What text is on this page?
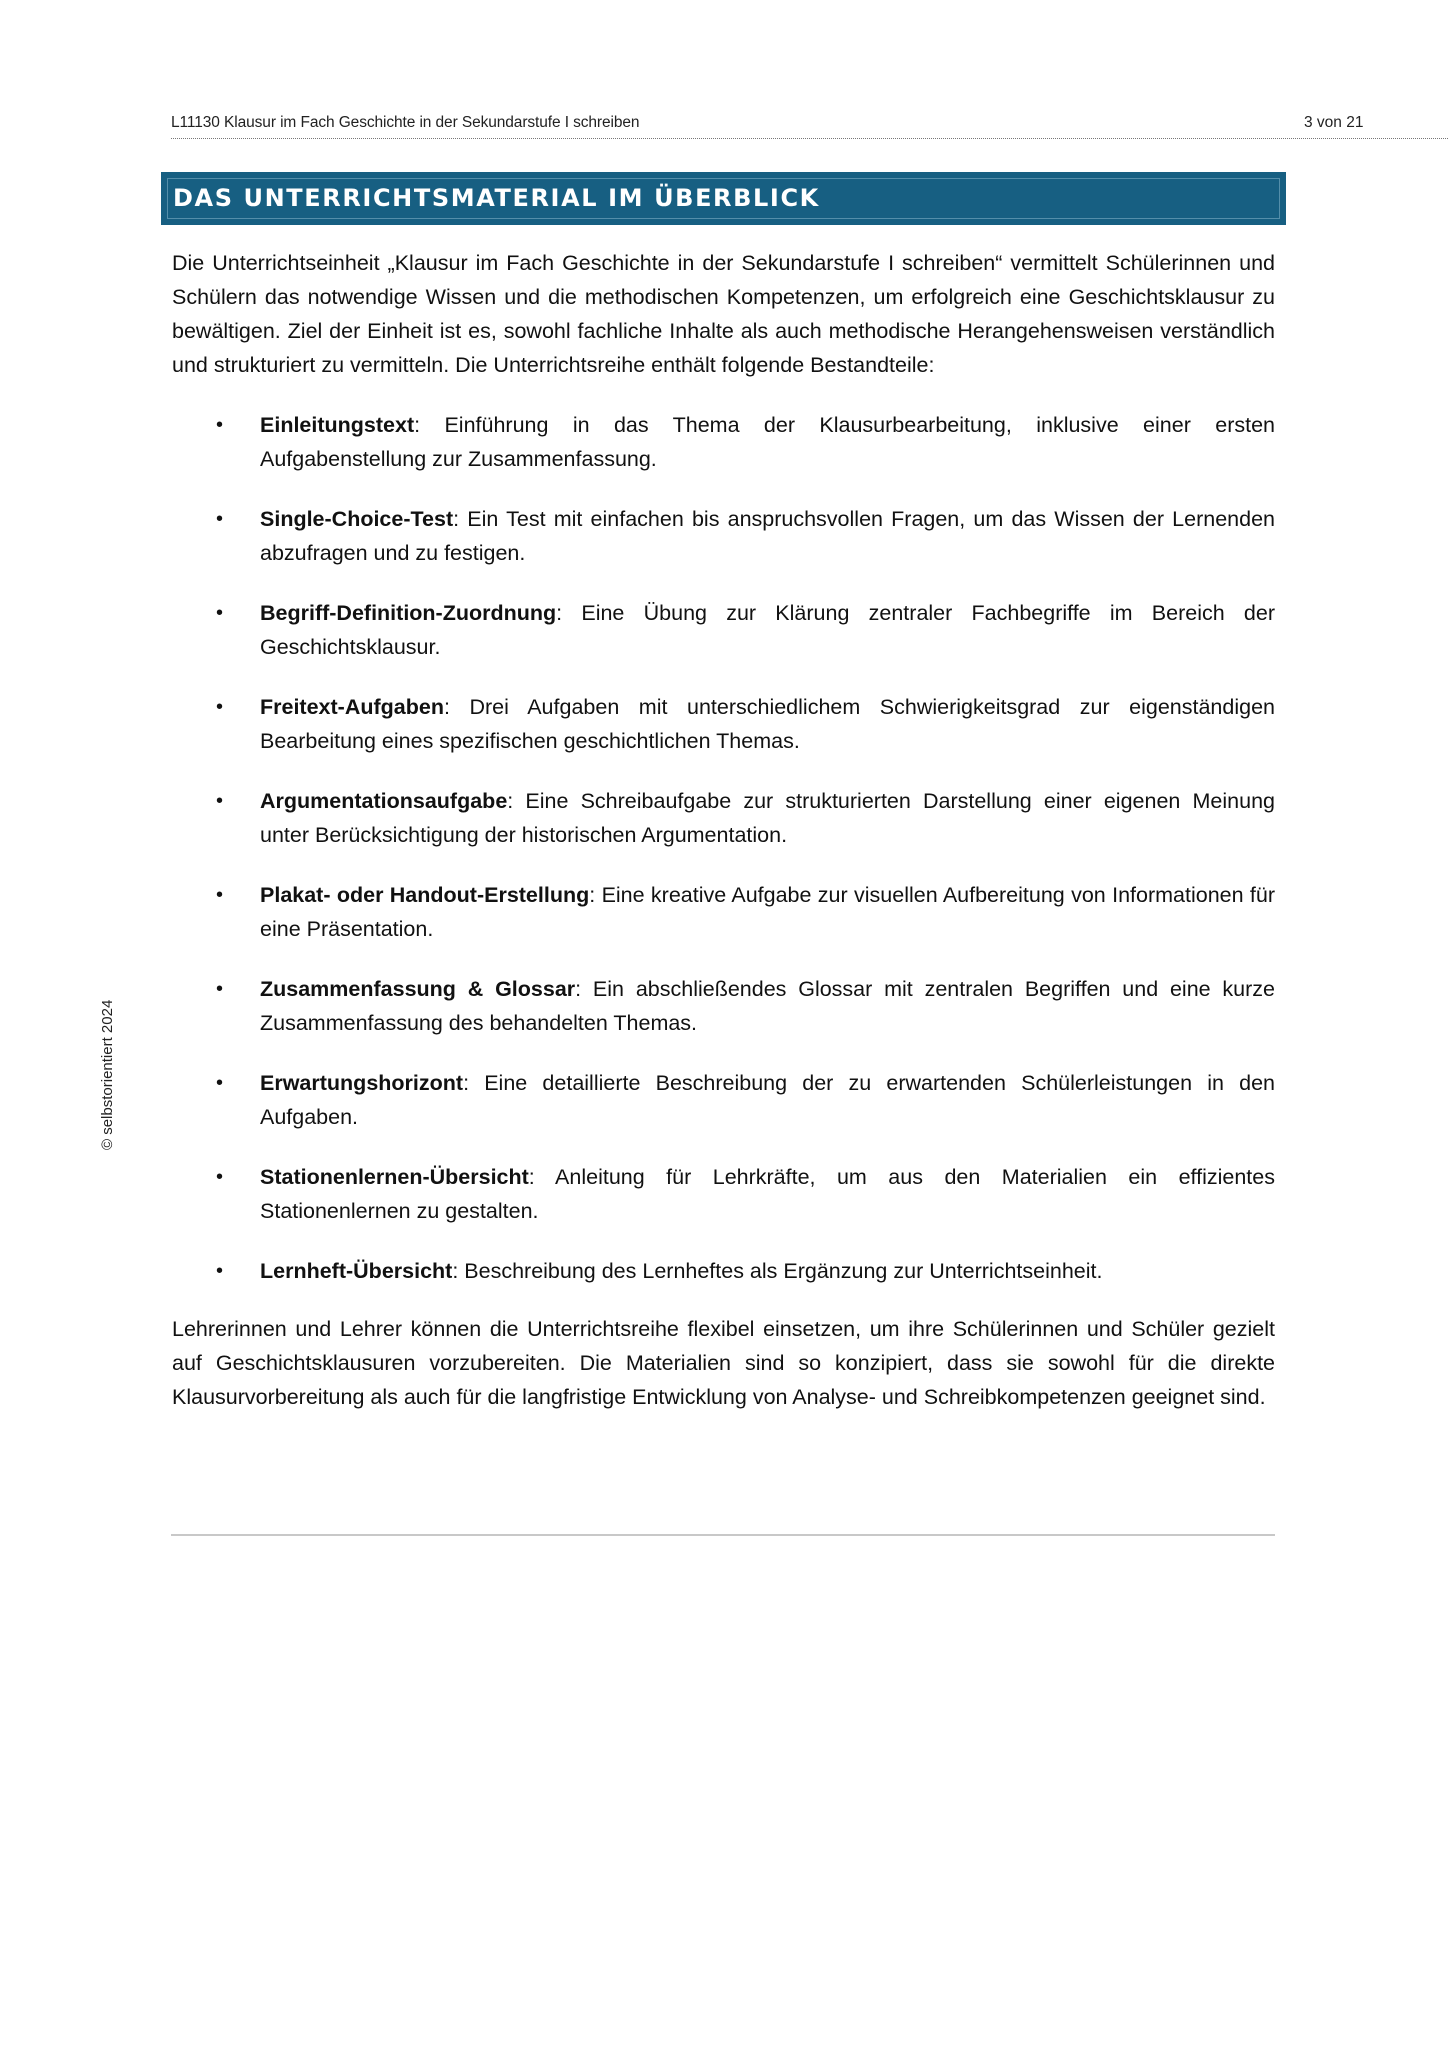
L11130 Klausur im Fach Geschichte in der Sekundarstufe I schreiben	3 von 21
DAS UNTERRICHTSMATERIAL IM ÜBERBLICK

Die Unterrichtseinheit „Klausur im Fach Geschichte in der Sekundarstufe I schreiben“ vermittelt Schülerinnen und Schülern das notwendige Wissen und die methodischen Kompetenzen, um erfolgreich eine Geschichtsklausur zu bewältigen. Ziel der Einheit ist es, sowohl fachliche Inhalte als auch methodische Herangehensweisen verständlich und strukturiert zu vermitteln. Die Unterrichtsreihe enthält folgende Bestandteile:

• Einleitungstext: Einführung in das Thema der Klausurbearbeitung, inklusive einer ersten Aufgabenstellung zur Zusammenfassung.
• Single-Choice-Test: Ein Test mit einfachen bis anspruchsvollen Fragen, um das Wissen der Lernenden abzufragen und zu festigen.
• Begriff-Definition-Zuordnung: Eine Übung zur Klärung zentraler Fachbegriffe im Bereich der Geschichtsklausur.
• Freitext-Aufgaben: Drei Aufgaben mit unterschiedlichem Schwierigkeitsgrad zur eigenständigen Bearbeitung eines spezifischen geschichtlichen Themas.
• Argumentationsaufgabe: Eine Schreibaufgabe zur strukturierten Darstellung einer eigenen Meinung unter Berücksichtigung der historischen Argumentation.
• Plakat- oder Handout-Erstellung: Eine kreative Aufgabe zur visuellen Aufbereitung von Informationen für eine Präsentation.
• Zusammenfassung & Glossar: Ein abschließendes Glossar mit zentralen Begriffen und eine kurze Zusammenfassung des behandelten Themas.
• Erwartungshorizont: Eine detaillierte Beschreibung der zu erwartenden Schülerleistungen in den Aufgaben.
• Stationenlernen-Übersicht: Anleitung für Lehrkräfte, um aus den Materialien ein effizientes Stationenlernen zu gestalten.
• Lernheft-Übersicht: Beschreibung des Lernheftes als Ergänzung zur Unterrichtseinheit.

Lehrerinnen und Lehrer können die Unterrichtsreihe flexibel einsetzen, um ihre Schülerinnen und Schüler gezielt auf Geschichtsklausuren vorzubereiten. Die Materialien sind so konzipiert, dass sie sowohl für die direkte Klausurvorbereitung als auch für die langfristige Entwicklung von Analyse- und Schreibkompetenzen geeignet sind.

© selbstorientiert 2024
